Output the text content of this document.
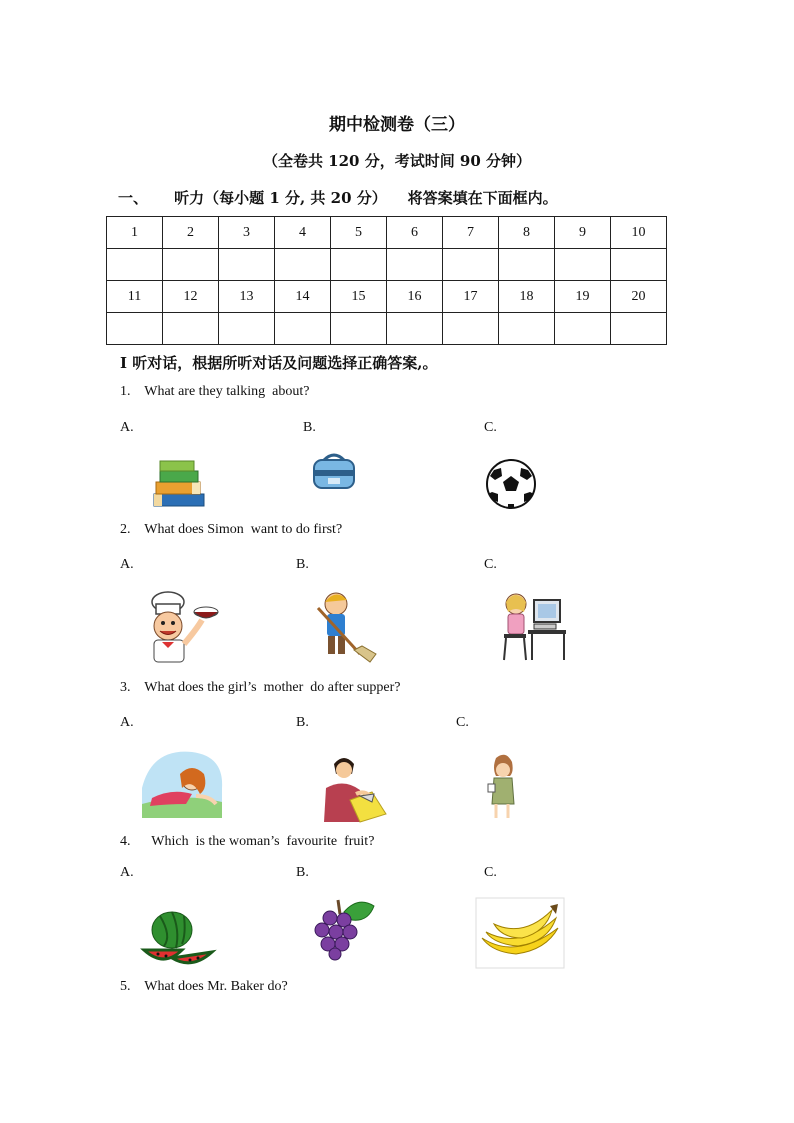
期中检测卷（三）
（全卷共 120 分，考试时间 90 分钟）
一、     听力（每小题 1 分, 共 20 分）    将答案填在下面框内。
1	2	3	4	5	6	7	8	9	10

11	12	13	14	15	16	17	18	19	20

I 听对话，根据所听对话及问题选择正确答案,。
1.    What are they talking  about?
A.	B.	C.
2.    What does Simon  want to do first?
A.	B.	C.
3.    What does the girl’s  mother  do after supper?
A.	B.	C.
4.      Which  is the woman’s  favourite  fruit?
A.	B.	C.
5.    What does Mr. Baker do?
